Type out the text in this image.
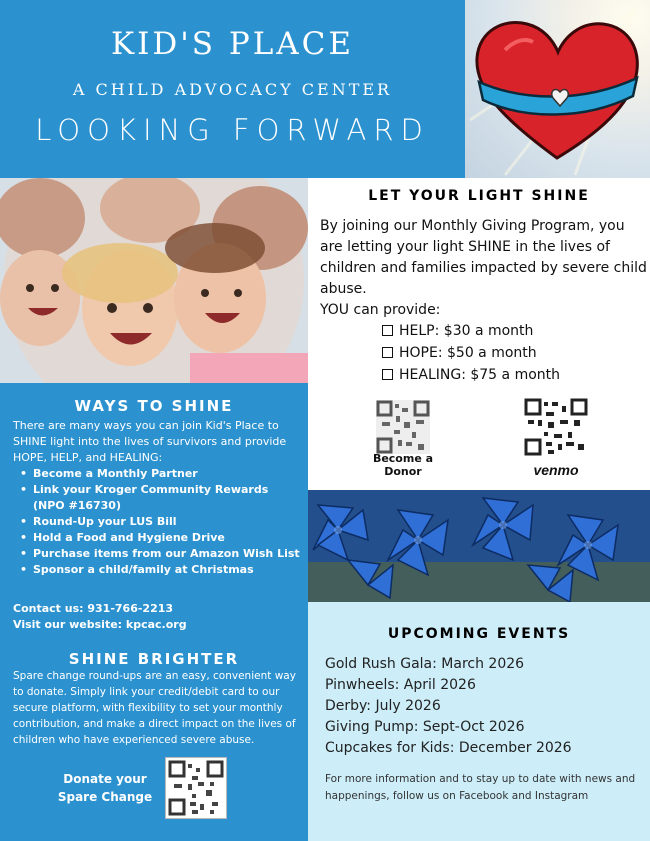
KID'S PLACE
A CHILD ADVOCACY CENTER
LOOKING FORWARD
WAYS TO SHINE
There are many ways you can join Kid's Place to SHINE light into the lives of survivors and provide HOPE, HELP, and HEALING:
• Become a Monthly Partner
• Link your Kroger Community Rewards (NPO #16730)
• Round-Up your LUS Bill
• Hold a Food and Hygiene Drive
• Purchase items from our Amazon Wish List
• Sponsor a child/family at Christmas
Contact us: 931-766-2213
Visit our website: kpcac.org
SHINE BRIGHTER
Spare change round-ups are an easy, convenient way to donate. Simply link your credit/debit card to our secure platform, with flexibility to set your monthly contribution, and make a direct impact on the lives of children who have experienced severe abuse.
Donate your Spare Change
LET YOUR LIGHT SHINE
By joining our Monthly Giving Program, you are letting your light SHINE in the lives of children and families impacted by severe child abuse.
YOU can provide:
HELP: $30 a month
HOPE: $50 a month
HEALING: $75 a month
Become a Donor	venmo
UPCOMING EVENTS
Gold Rush Gala: March 2026
Pinwheels: April 2026
Derby: July 2026
Giving Pump: Sept-Oct 2026
Cupcakes for Kids: December 2026
For more information and to stay up to date with news and happenings, follow us on Facebook and Instagram
